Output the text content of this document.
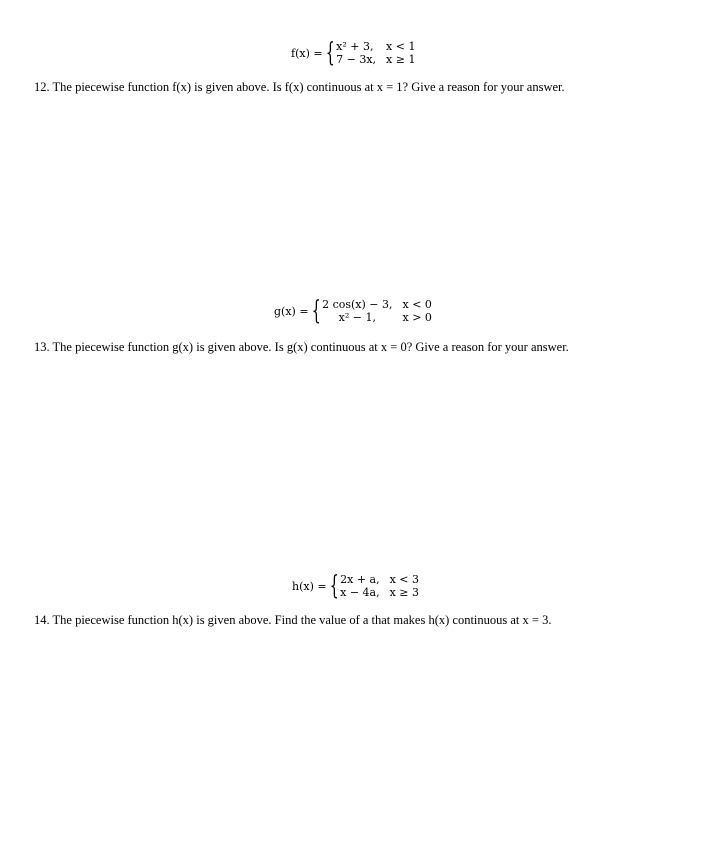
f(x) = { x² + 3, x < 1
7 − 3x, x ≥ 1
12. The piecewise function f(x) is given above. Is f(x) continuous at x = 1? Give a reason for your answer.
g(x) = { 2 cos(x) − 3, x < 0
x² − 1,	x > 0
13. The piecewise function g(x) is given above. Is g(x) continuous at x = 0? Give a reason for your answer.
h(x) = { 2x + a, x < 3
x − 4a, x ≥ 3
14. The piecewise function h(x) is given above. Find the value of a that makes h(x) continuous at x = 3.
